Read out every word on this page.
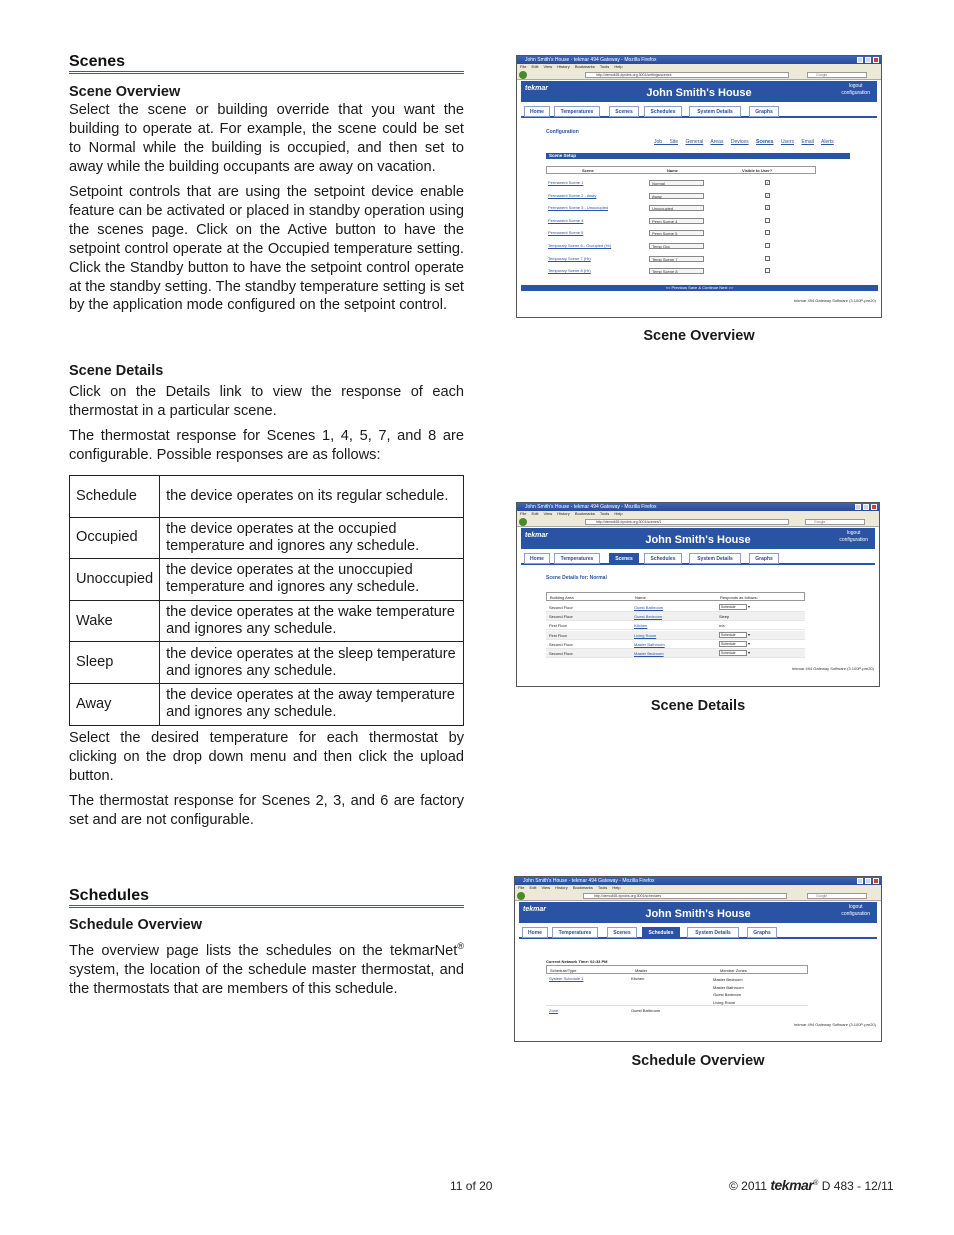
Scenes
Scene Overview
Select the scene or building override that you want the building to operate at. For example, the scene could be set to Normal while the building is occupied, and then set to away while the building occupants are away on vacation.
Setpoint controls that are using the setpoint device enable feature can be activated or placed in standby operation using the scenes page. Click on the Active button to have the setpoint control operate at the Occupied temperature setting. Click the Standby button to have the setpoint control operate at the standby setting. The standby temperature setting is set by the application mode configured on the setpoint control.
Scene Details
Click on the Details link to view the response of each thermostat in a particular scene.
The thermostat response for Scenes 1, 4, 5, 7, and 8 are configurable. Possible responses are as follows:
Schedule	the device operates on its regular schedule.
Occupied	the device operates at the occupied temperature and ignores any schedule.
Unoccupied	the device operates at the unoccupied temperature and ignores any schedule.
Wake	the device operates at the wake temperature and ignores any schedule.
Sleep	the device operates at the sleep temperature and ignores any schedule.
Away	the device operates at the away temperature and ignores any schedule.
Select the desired temperature for each thermostat by clicking on the drop down menu and then click the upload button.
The thermostat response for Scenes 2, 3, and 6 are factory set and are not configurable.
Schedules
Schedule Overview
The overview page lists the schedules on the tekmarNet® system, the location of the schedule master thermostat, and the thermostats that are members of this schedule.
John Smith's House - tekmar 494 Gateway - Mozilla Firefox
File Edit View History Bookmarks Tools Help
http://demo465.dyndns.org:3001/settings/scenes	Google
tekmar	John Smith's House
logout
configuration
Home	Temperatures	Scenes	Schedules	System Details	Graphs
Configuration
Job Site General Areas Devices Scenes Users Email Alerts
Scene Setup
Scene	Name	Visible to User?
Permanent Scene 1	Normal	✓
Permanent Scene 2 - Away	Away	✓
Permanent Scene 3 - Unoccupied	Unoccupied	✓
Permanent Scene 4	Perm Scene 4
Permanent Scene 5	Perm Scene 5
Temporary Scene 6 - Occupied (Hr)	Temp Occ
Temporary Scene 7 (Hr)	Temp Scene 7
Temporary Scene 8 (Hr)	Temp Scene 8
<< Previous Save & Continue Next >>
tekmar 494 Gateway Software (3.100P-pre20)
Scene Overview
John Smith's House - tekmar 494 Gateway - Mozilla Firefox
File Edit View History Bookmarks Tools Help
http://demo465.dyndns.org:3001/scenes/1	Google
tekmar	John Smith's House
logout
configuration
Home	Temperatures	Scenes	Schedules	System Details	Graphs
Scene Details for: Normal
Building Area	Name	Responds as follows:
Second Floor	Guest Bathroom	Schedule	▾
Second Floor	Guest Bedroom	Sleep
First Floor	Kitchen	n/a
First Floor	Living Room	Schedule	▾
Second Floor	Master Bathroom	Schedule	▾
Second Floor	Master Bedroom	Schedule	▾
tekmar 494 Gateway Software (3.100P-pre20)
Scene Details
John Smith's House - tekmar 494 Gateway - Mozilla Firefox
File Edit View History Bookmarks Tools Help
http://demo465.dyndns.org:3001/schedules	Google
tekmar	John Smith's House
logout
configuration
Home	Temperatures	Scenes	Schedules	System Details	Graphs
Current Network Time: 02:33 PM
Schedule/Type	Master	Member Zones
System Schedule 1	Kitchen	Master Bedroom
Master Bathroom
Guest Bedroom
Living Room
Zone	Guest Bathroom
tekmar 494 Gateway Software (3.100P-pre20)
Schedule Overview
11 of 20	© 2011 tekmar® D 483 - 12/11
